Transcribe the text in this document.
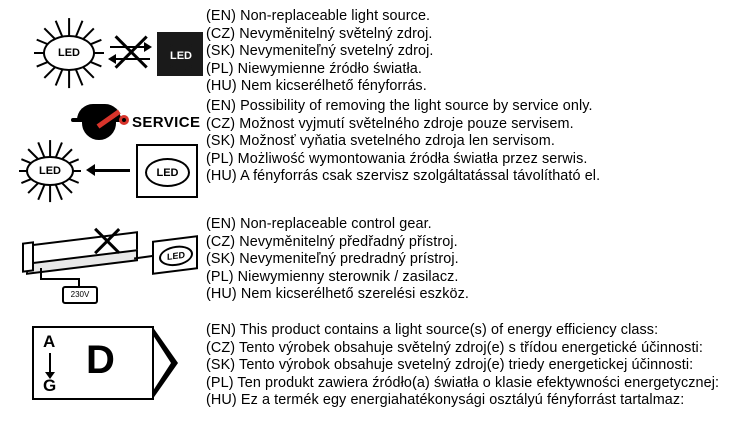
LED	LED
(EN) Non-replaceable light source.
(CZ) Nevyměnitelný světelný zdroj.
(SK) Nevymeniteľný svetelný zdroj.
(PL) Niewymienne źródło światła.
(HU) Nem kicserélhető fényforrás.
SERVICE
LED	LED
(EN) Possibility of removing the light source by service only.
(CZ) Možnost vyjmutí světelného zdroje pouze servisem.
(SK) Možnosť vyňatia svetelného zdroja len servisom.
(PL) Możliwość wymontowania źródła światła przez serwis.
(HU) A fényforrás csak szervisz szolgáltatással távolítható el.
LED
230V
(EN) Non-replaceable control gear.
(CZ) Nevyměnitelný předřadný přístroj.
(SK) Nevymeniteľný predradný prístroj.
(PL) Niewymienny sterownik / zasilacz.
(HU) Nem kicserélhető szerelési eszköz.
A
G
D
(EN) This product contains a light source(s) of energy efficiency class:
(CZ) Tento výrobek obsahuje světelný zdroj(e) s třídou energetické účinnosti:
(SK) Tento výrobok obsahuje svetelný zdroj(e) triedy energetickej účinnosti:
(PL) Ten produkt zawiera źródło(a) światła o klasie efektywności energetycznej:
(HU) Ez a termék egy energiahatékonysági osztályú fényforrást tartalmaz:
